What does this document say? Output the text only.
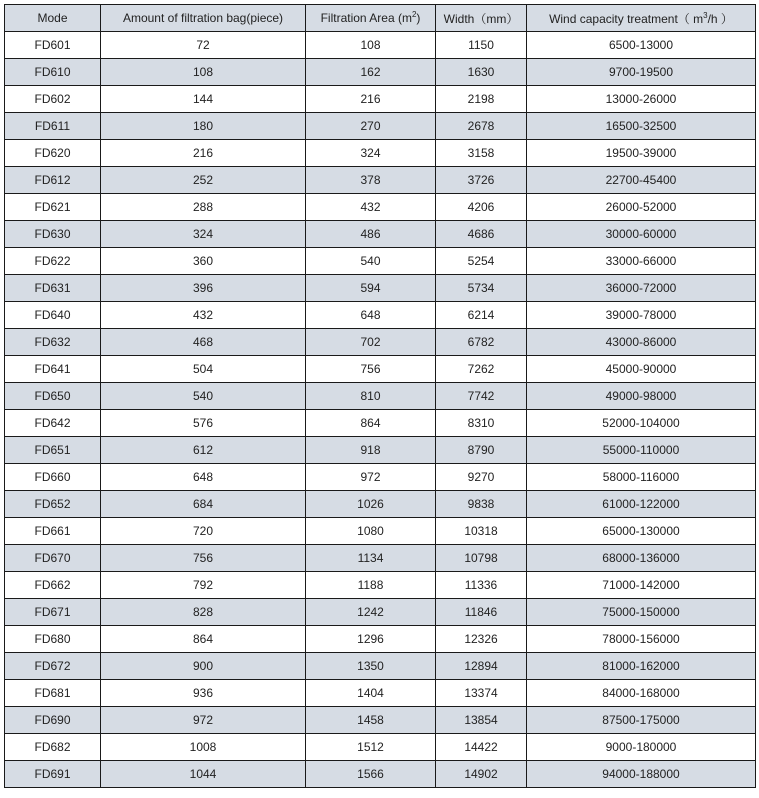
Mode	Amount of filtration bag(piece)	Filtration Area $(m^2)$	Width（mm）	Wind capacity treatment（ $m^3/h$ ）
FD601	72	108	1150	6500-13000
FD610	108	162	1630	9700-19500
FD602	144	216	2198	13000-26000
FD611	180	270	2678	16500-32500
FD620	216	324	3158	19500-39000
FD612	252	378	3726	22700-45400
FD621	288	432	4206	26000-52000
FD630	324	486	4686	30000-60000
FD622	360	540	5254	33000-66000
FD631	396	594	5734	36000-72000
FD640	432	648	6214	39000-78000
FD632	468	702	6782	43000-86000
FD641	504	756	7262	45000-90000
FD650	540	810	7742	49000-98000
FD642	576	864	8310	52000-104000
FD651	612	918	8790	55000-110000
FD660	648	972	9270	58000-116000
FD652	684	1026	9838	61000-122000
FD661	720	1080	10318	65000-130000
FD670	756	1134	10798	68000-136000
FD662	792	1188	11336	71000-142000
FD671	828	1242	11846	75000-150000
FD680	864	1296	12326	78000-156000
FD672	900	1350	12894	81000-162000
FD681	936	1404	13374	84000-168000
FD690	972	1458	13854	87500-175000
FD682	1008	1512	14422	9000-180000
FD691	1044	1566	14902	94000-188000
